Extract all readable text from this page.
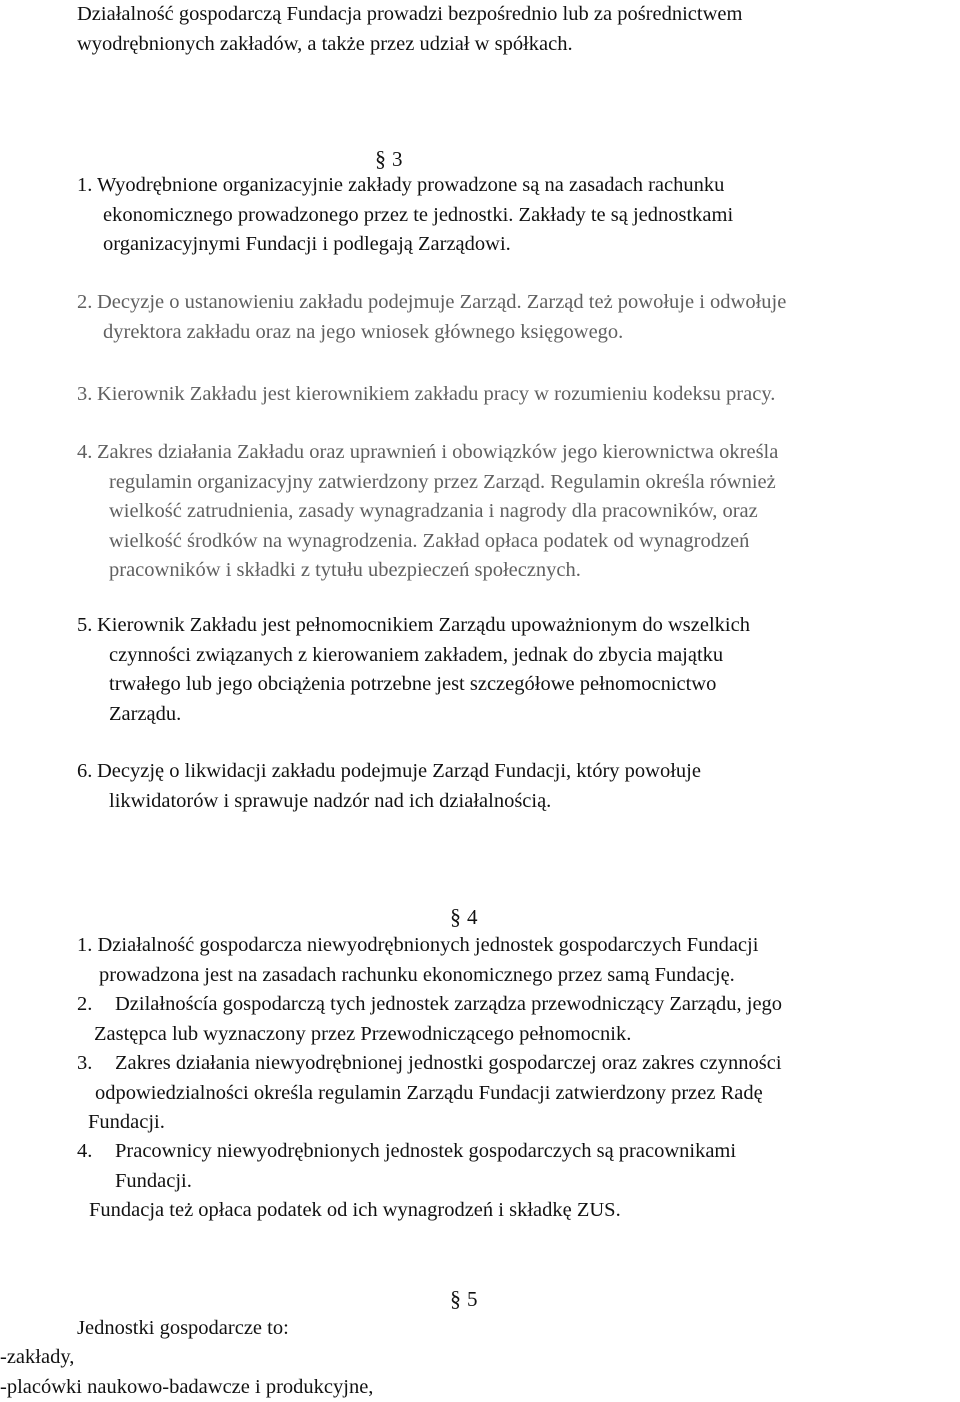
Działalność gospodarczą Fundacja prowadzi bezpośrednio lub za pośrednictwem
wyodrębnionych zakładów, a także przez udział w spółkach.
§ 3
1. Wyodrębnione organizacyjnie zakłady prowadzone są na zasadach rachunku
ekonomicznego prowadzonego przez te jednostki. Zakłady te są jednostkami
organizacyjnymi Fundacji i podlegają Zarządowi.
2. Decyzje o ustanowieniu zakładu podejmuje Zarząd. Zarząd też powołuje i odwołuje
dyrektora zakładu oraz na jego wniosek głównego księgowego.
3. Kierownik Zakładu jest kierownikiem zakładu pracy w rozumieniu kodeksu pracy.
4. Zakres działania Zakładu oraz uprawnień i obowiązków jego kierownictwa określa
regulamin organizacyjny zatwierdzony przez Zarząd. Regulamin określa również
wielkość zatrudnienia, zasady wynagradzania i nagrody dla pracowników, oraz
wielkość środków na wynagrodzenia. Zakład opłaca podatek od wynagrodzeń
pracowników i składki z tytułu ubezpieczeń społecznych.
5. Kierownik Zakładu jest pełnomocnikiem Zarządu upoważnionym do wszelkich
czynności związanych z kierowaniem zakładem, jednak do zbycia majątku
trwałego lub jego obciążenia potrzebne jest szczegółowe pełnomocnictwo
Zarządu.
6. Decyzję o likwidacji zakładu podejmuje Zarząd Fundacji, który powołuje
likwidatorów i sprawuje nadzór nad ich działalnością.
§ 4
1. Działalność gospodarcza niewyodrębnionych jednostek gospodarczych Fundacji
prowadzona jest na zasadach rachunku ekonomicznego przez samą Fundację.
2. Dzilałnoścía gospodarczą tych jednostek zarządza przewodniczący Zarządu, jego
Zastępca lub wyznaczony przez Przewodniczącego pełnomocnik.
3. Zakres działania niewyodrębnionej jednostki gospodarczej oraz zakres czynności
odpowiedzialności określa regulamin Zarządu Fundacji zatwierdzony przez Radę
Fundacji.
4. Pracownicy niewyodrębnionych jednostek gospodarczych są pracownikami
Fundacji.
Fundacja też opłaca podatek od ich wynagrodzeń i składkę ZUS.
§ 5
Jednostki gospodarcze to:
-zakłady,
-placówki naukowo-badawcze i produkcyjne,
